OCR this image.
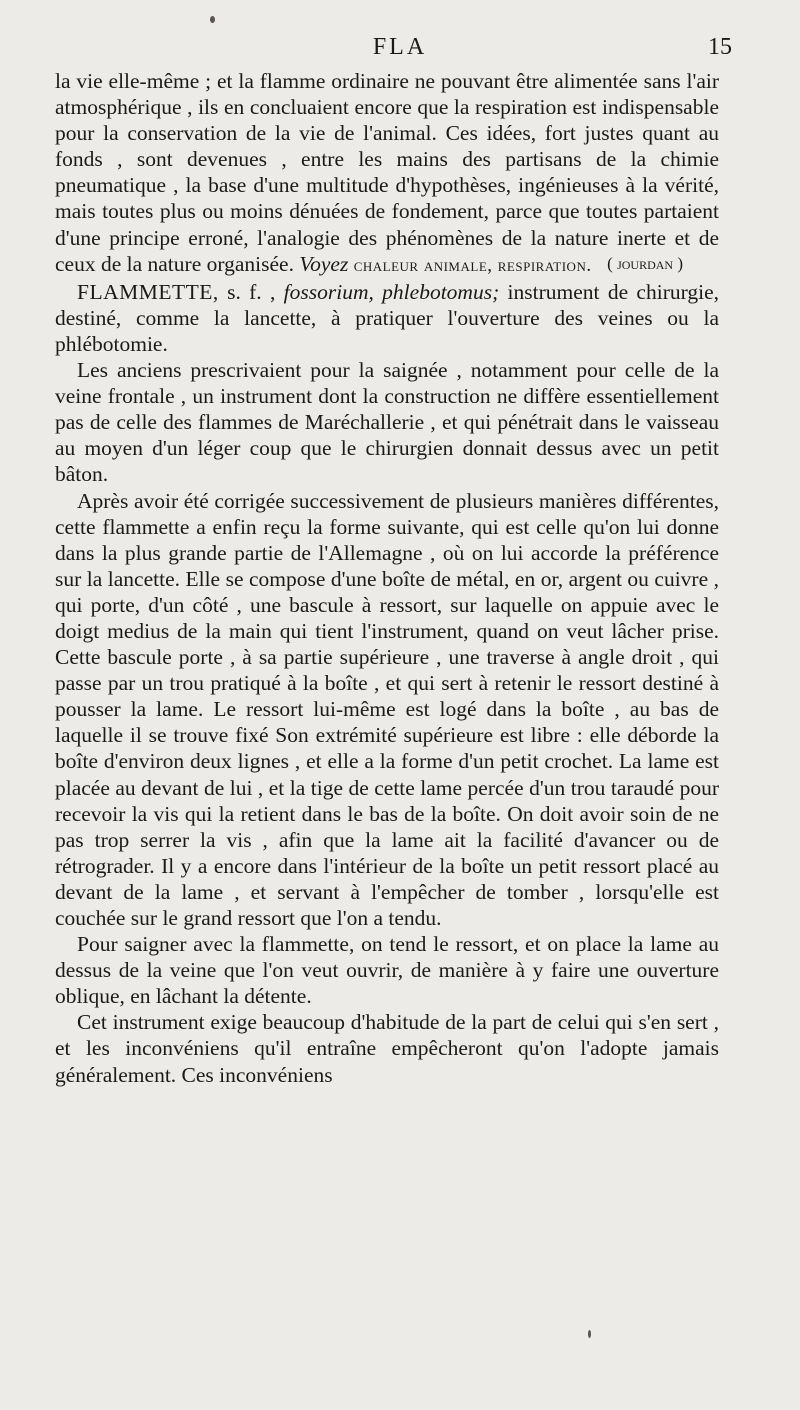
FLA	15

la vie elle-même ; et la flamme ordinaire ne pouvant être alimentée sans l'air atmosphérique , ils en concluaient encore que la respiration est indispensable pour la conservation de la vie de l'animal. Ces idées, fort justes quant au fonds , sont devenues , entre les mains des partisans de la chimie pneumatique , la base d'une multitude d'hypothèses, ingénieuses à la vérité, mais toutes plus ou moins dénuées de fondement, parce que toutes partaient d'une principe erroné, l'analogie des phénomènes de la nature inerte et de ceux de la nature organisée. Voyez chaleur animale, respiration. ( jourdan )

FLAMMETTE, s. f. , fossorium, phlebotomus; instrument de chirurgie, destiné, comme la lancette, à pratiquer l'ouverture des veines ou la phlébotomie.

Les anciens prescrivaient pour la saignée , notamment pour celle de la veine frontale , un instrument dont la construction ne diffère essentiellement pas de celle des flammes de Maréchallerie , et qui pénétrait dans le vaisseau au moyen d'un léger coup que le chirurgien donnait dessus avec un petit bâton.

Après avoir été corrigée successivement de plusieurs manières différentes, cette flammette a enfin reçu la forme suivante, qui est celle qu'on lui donne dans la plus grande partie de l'Allemagne , où on lui accorde la préférence sur la lancette. Elle se compose d'une boîte de métal, en or, argent ou cuivre , qui porte, d'un côté , une bascule à ressort, sur laquelle on appuie avec le doigt medius de la main qui tient l'instrument, quand on veut lâcher prise. Cette bascule porte , à sa partie supérieure , une traverse à angle droit , qui passe par un trou pratiqué à la boîte , et qui sert à retenir le ressort destiné à pousser la lame. Le ressort lui-même est logé dans la boîte , au bas de laquelle il se trouve fixé Son extrémité supérieure est libre : elle déborde la boîte d'environ deux lignes , et elle a la forme d'un petit crochet. La lame est placée au devant de lui , et la tige de cette lame percée d'un trou taraudé pour recevoir la vis qui la retient dans le bas de la boîte. On doit avoir soin de ne pas trop serrer la vis , afin que la lame ait la facilité d'avancer ou de rétrograder. Il y a encore dans l'intérieur de la boîte un petit ressort placé au devant de la lame , et servant à l'empêcher de tomber , lorsqu'elle est couchée sur le grand ressort que l'on a tendu.

Pour saigner avec la flammette, on tend le ressort, et on place la lame au dessus de la veine que l'on veut ouvrir, de manière à y faire une ouverture oblique, en lâchant la détente.

Cet instrument exige beaucoup d'habitude de la part de celui qui s'en sert , et les inconvéniens qu'il entraîne empêcheront qu'on l'adopte jamais généralement. Ces inconvéniens
